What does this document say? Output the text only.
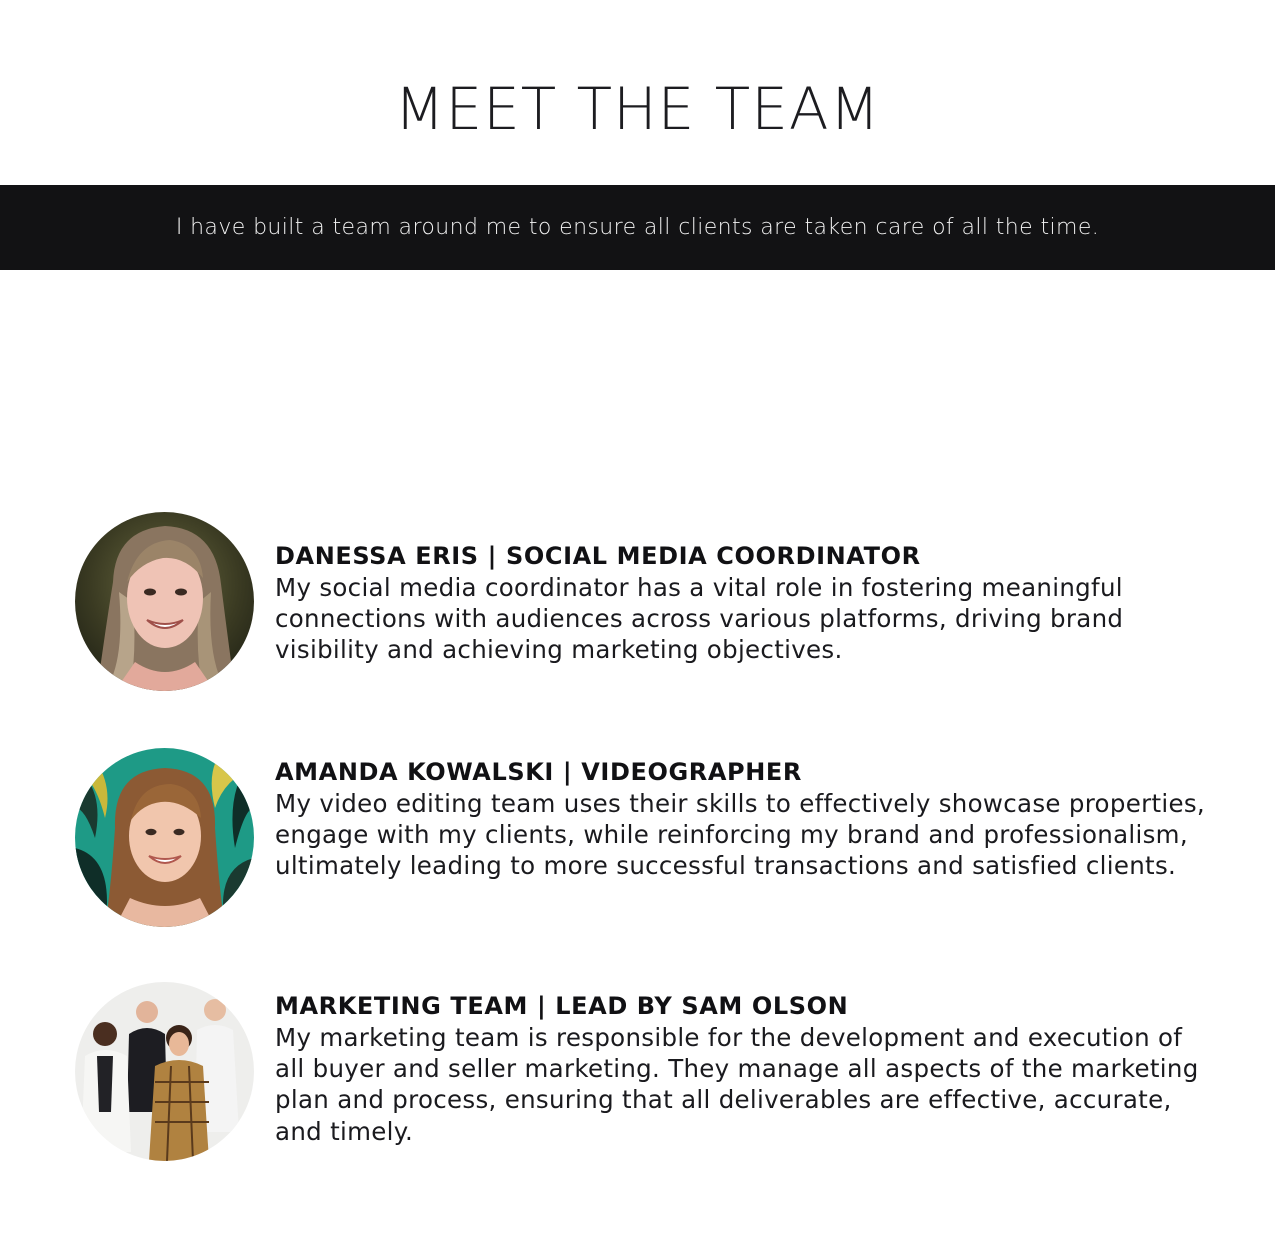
MEET THE TEAM
I have built a team around me to ensure all clients are taken care of all the time.
DANESSA ERIS | SOCIAL MEDIA COORDINATOR
My social media coordinator has a vital role in fostering meaningful connections with audiences across various platforms, driving brand visibility and achieving marketing objectives.
AMANDA KOWALSKI | VIDEOGRAPHER
My video editing team uses their skills to effectively showcase properties, engage with my clients, while reinforcing my brand and professionalism, ultimately leading to more successful transactions and satisfied clients.
MARKETING TEAM | LEAD BY SAM OLSON
My marketing team is responsible for the development and execution of all buyer and seller marketing. They manage all aspects of the marketing plan and process, ensuring that all deliverables are effective, accurate, and timely.
